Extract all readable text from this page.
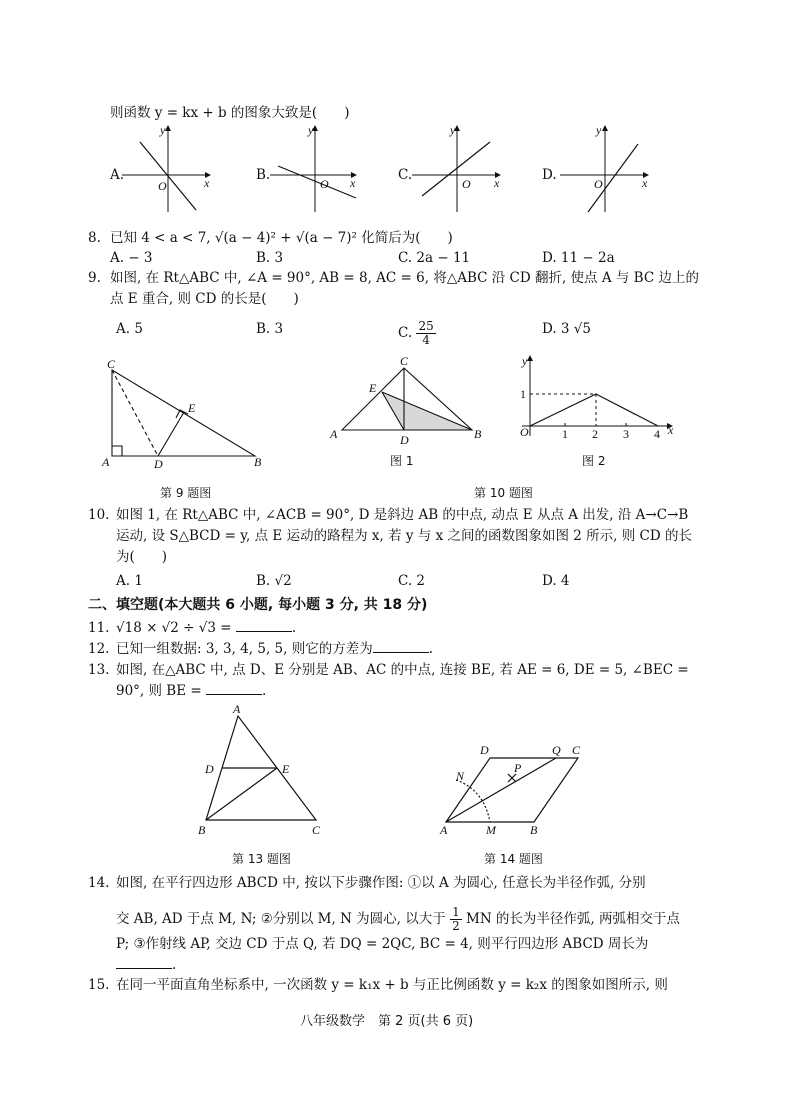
则函数 y = kx + b 的图象大致是(　　)
y
x
O
y
x
O
y
x
O
y
x
O
A.	B.	C.	D.
8. 已知 4 < a < 7, √(a − 4)² + √(a − 7)² 化简后为(　　)
A. − 3	B. 3	C. 2a − 11	D. 11 − 2a
9. 如图, 在 Rt△ABC 中, ∠A = 90°, AB = 8, AC = 6, 将△ABC 沿 CD 翻折, 使点 A 与 BC 边上的
点 E 重合, 则 CD 的长是(　　)
A. 5	B. 3	C. $\frac{25}{4}$	D. 3 √5
C
E
A	D	B
C
E
A	D	B
y
x
O
1
1 2 3 4
图 1	图 2
第 9 题图	第 10 题图
10. 如图 1, 在 Rt△ABC 中, ∠ACB = 90°, D 是斜边 AB 的中点, 动点 E 从点 A 出发, 沿 A→C→B
运动, 设 S△BCD = y, 点 E 运动的路程为 x, 若 y 与 x 之间的函数图象如图 2 所示, 则 CD 的长
为(　　)
A. 1	B. √2	C. 2	D. 4
二、填空题(本大题共 6 小题, 每小题 3 分, 共 18 分)
11. √18 × √2 ÷ √3 =	.
12. 已知一组数据: 3, 3, 4, 5, 5, 则它的方差为	.
13. 如图, 在△ABC 中, 点 D、E 分别是 AB、AC 的中点, 连接 BE, 若 AE = 6, DE = 5, ∠BEC =
90°, 则 BE =	.
A
D	E
B	C
D	Q C
N
P
A	M	B
第 13 题图	第 14 题图
14. 如图, 在平行四边形 ABCD 中, 按以下步骤作图: ①以 A 为圆心, 任意长为半径作弧, 分别
交 AB, AD 于点 M, N; ②分别以 M, N 为圆心, 以大于 $\frac{1}{2}$ MN 的长为半径作弧, 两弧相交于点
P; ③作射线 AP, 交边 CD 于点 Q, 若 DQ = 2QC, BC = 4, 则平行四边形 ABCD 周长为
.
15. 在同一平面直角坐标系中, 一次函数 y = k₁x + b 与正比例函数 y = k₂x 的图象如图所示, 则
八年级数学　第 2 页(共 6 页)
